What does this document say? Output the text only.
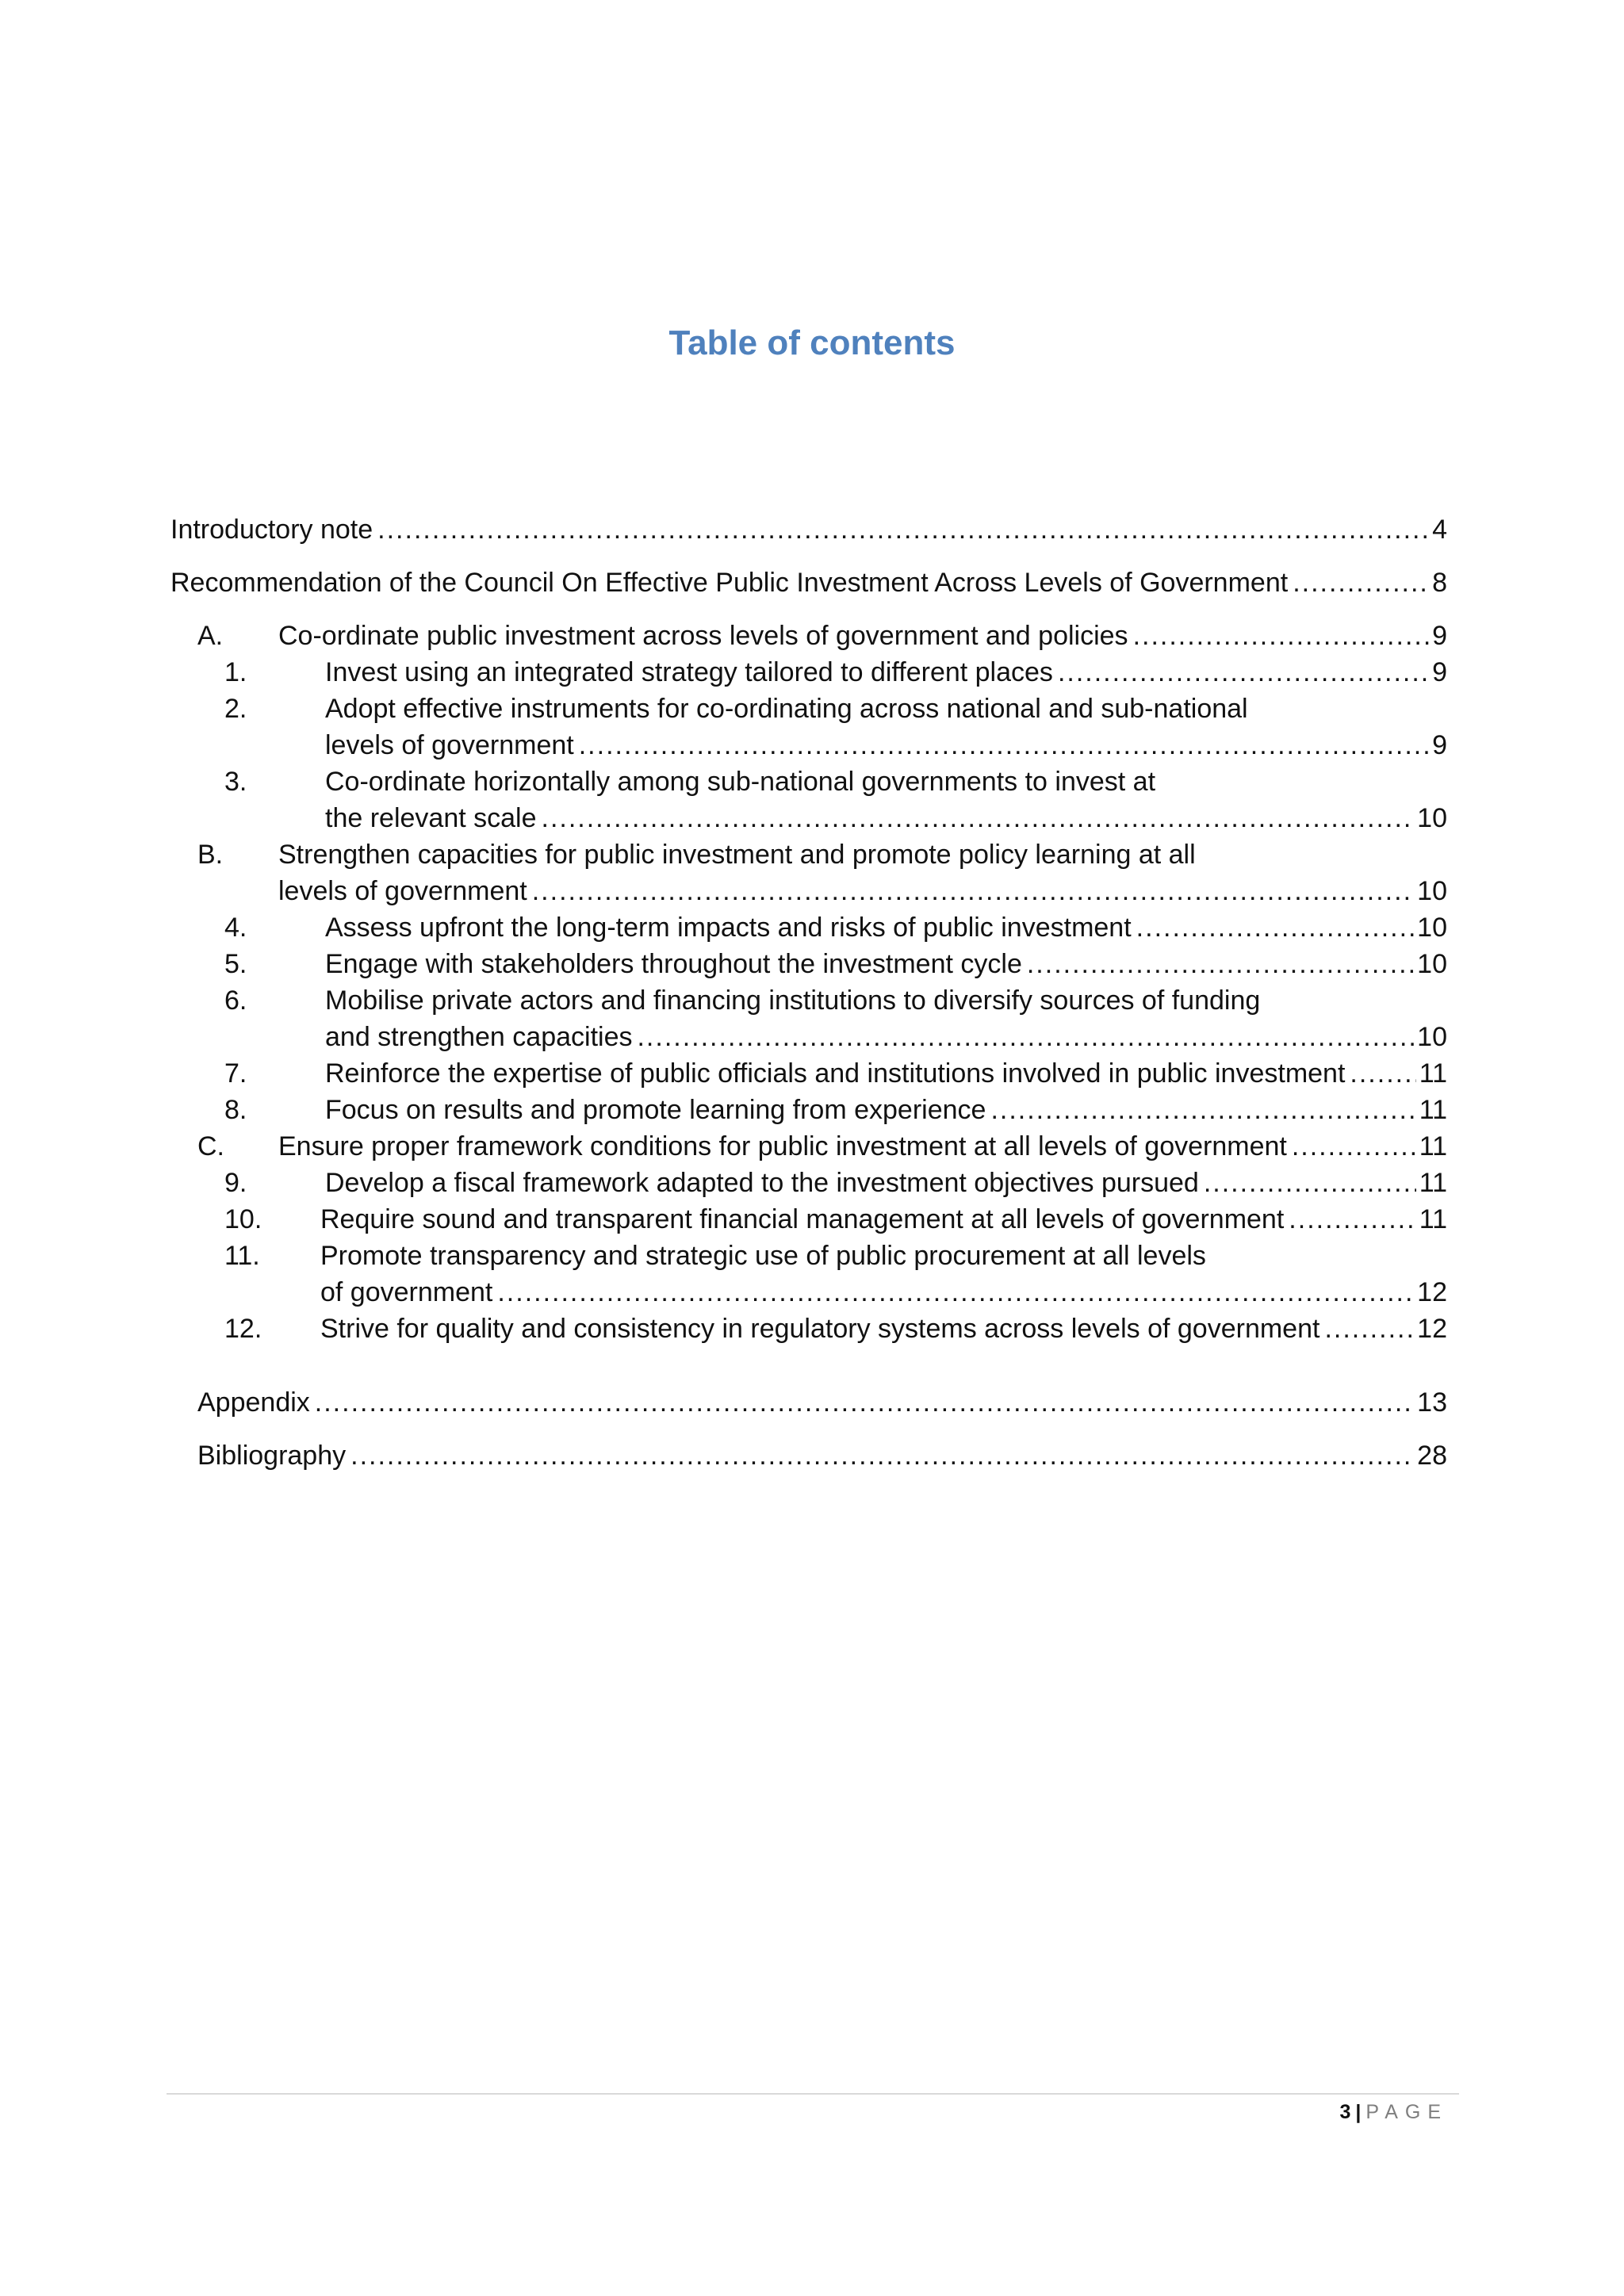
Table of contents
Introductory note .....	4
Recommendation of the Council On Effective Public Investment Across Levels of Government .....	8
A.	Co-ordinate public investment across levels of government and policies .....	9
1.	Invest using an integrated strategy tailored to different places .....	9
2.	Adopt effective instruments for co-ordinating across national and sub-national
levels of government .....	9
3.	Co-ordinate horizontally among sub-national governments to invest at
the relevant scale .....	10
B.	Strengthen capacities for public investment and promote policy learning at all
levels of government .....	10
4.	Assess upfront the long-term impacts and risks of public investment .....	10
5.	Engage with stakeholders throughout the investment cycle .....	10
6.	Mobilise private actors and financing institutions to diversify sources of funding
and strengthen capacities .....	10
7.	Reinforce the expertise of public officials and institutions involved in public investment .....	11
8.	Focus on results and promote learning from experience .....	11
C.	Ensure proper framework conditions for public investment at all levels of government .....	11
9.	Develop a fiscal framework adapted to the investment objectives pursued .....	11
10.	Require sound and transparent financial management at all levels of government .....	11
11.	Promote transparency and strategic use of public procurement at all levels
of government .....	12
12.	Strive for quality and consistency in regulatory systems across levels of government .....	12
Appendix .....	13
Bibliography .....	28
3 | PAGE
